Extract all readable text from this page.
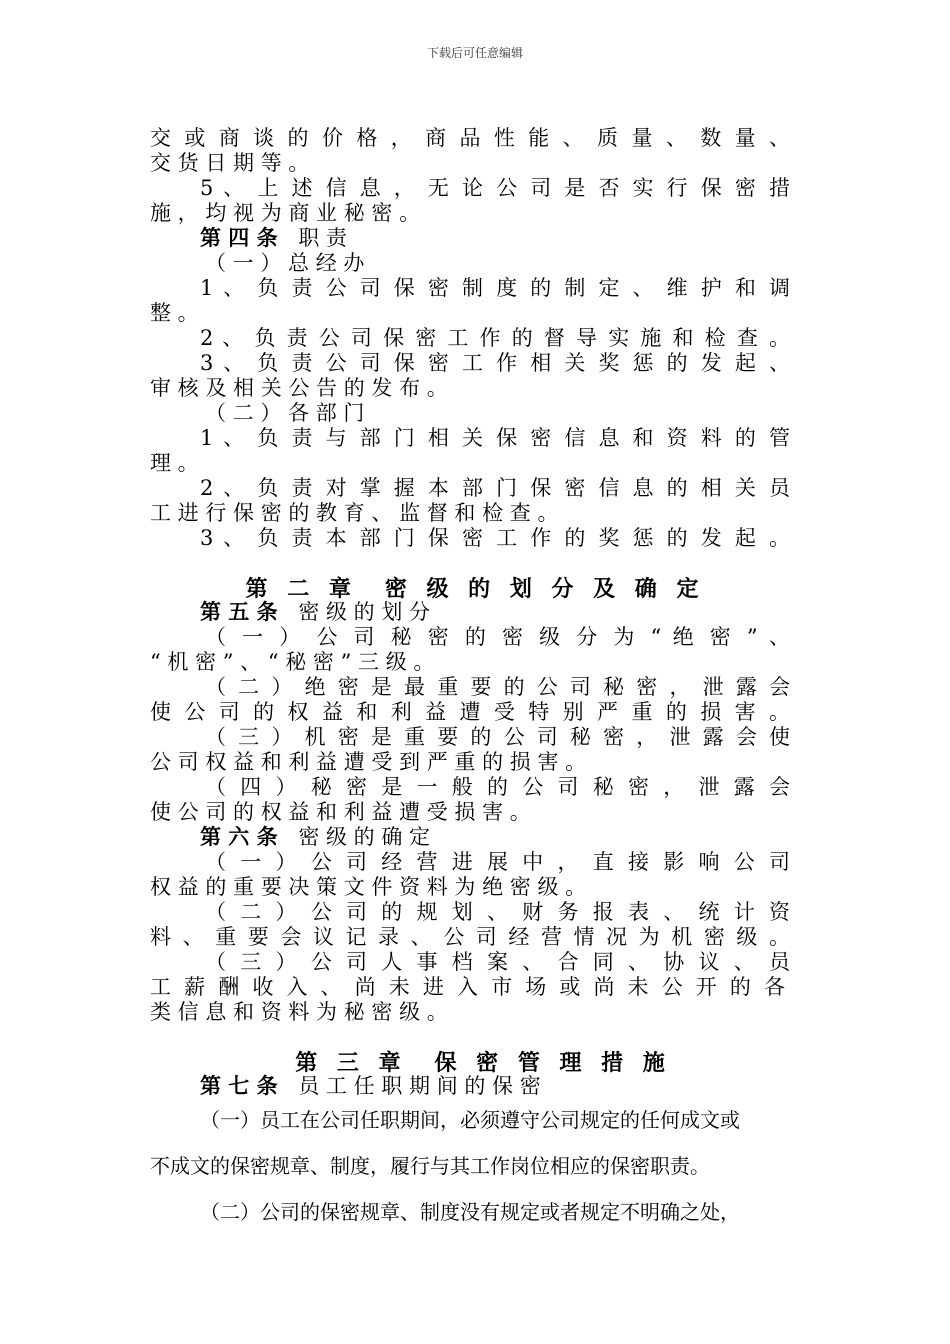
下载后可任意编辑
交 或 商 谈 的 价 格 ， 商 品 性 能 、 质 量 、 数 量 、
交 货 日 期 等 。
5 、 上 述 信 息 ， 无 论 公 司 是 否 实 行 保 密 措
施 ， 均 视 为 商 业 秘 密 。
第 四 条 职 责
（ 一 ） 总 经 办
1 、 负 责 公 司 保 密 制 度 的 制 定 、 维 护 和 调
整 。
2 、 负 责 公 司 保 密 工 作 的 督 导 实 施 和 检 查 。
3 、 负 责 公 司 保 密 工 作 相 关 奖 惩 的 发 起 、
审 核 及 相 关 公 告 的 发 布 。
（ 二 ） 各 部 门
1 、 负 责 与 部 门 相 关 保 密 信 息 和 资 料 的 管
理 。
2 、 负 责 对 掌 握 本 部 门 保 密 信 息 的 相 关 员
工 进 行 保 密 的 教 育 、 监 督 和 检 查 。
3 、 负 责 本 部 门 保 密 工 作 的 奖 惩 的 发 起 。
第 二 章　密 级 的 划 分 及 确 定
第 五 条 密 级 的 划 分
（ 一 ） 公 司 秘 密 的 密 级 分 为 “ 绝 密 ” 、
“ 机 密 ” 、 “ 秘 密 ” 三 级 。
（ 二 ） 绝 密 是 最 重 要 的 公 司 秘 密 ， 泄 露 会
使 公 司 的 权 益 和 利 益 遭 受 特 别 严 重 的 损 害 。
（ 三 ） 机 密 是 重 要 的 公 司 秘 密 ， 泄 露 会 使
公 司 权 益 和 利 益 遭 受 到 严 重 的 损 害 。
（ 四 ） 秘 密 是 一 般 的 公 司 秘 密 ， 泄 露 会
使 公 司 的 权 益 和 利 益 遭 受 损 害 。
第 六 条 密 级 的 确 定
（ 一 ） 公 司 经 营 进 展 中 ， 直 接 影 响 公 司
权 益 的 重 要 决 策 文 件 资 料 为 绝 密 级 。
（ 二 ） 公 司 的 规 划 、 财 务 报 表 、 统 计 资
料 、 重 要 会 议 记 录 、 公 司 经 营 情 况 为 机 密 级 。
（ 三 ） 公 司 人 事 档 案 、 合 同 、 协 议 、 员
工 薪 酬 收 入 、 尚 未 进 入 市 场 或 尚 未 公 开 的 各
类 信 息 和 资 料 为 秘 密 级 。
第 三 章　保 密 管 理 措 施
第 七 条 员 工 任 职 期 间 的 保 密
（一）员工在公司任职期间，必须遵守公司规定的任何成文或
不成文的保密规章、制度，履行与其工作岗位相应的保密职责。
（二）公司的保密规章、制度没有规定或者规定不明确之处，
